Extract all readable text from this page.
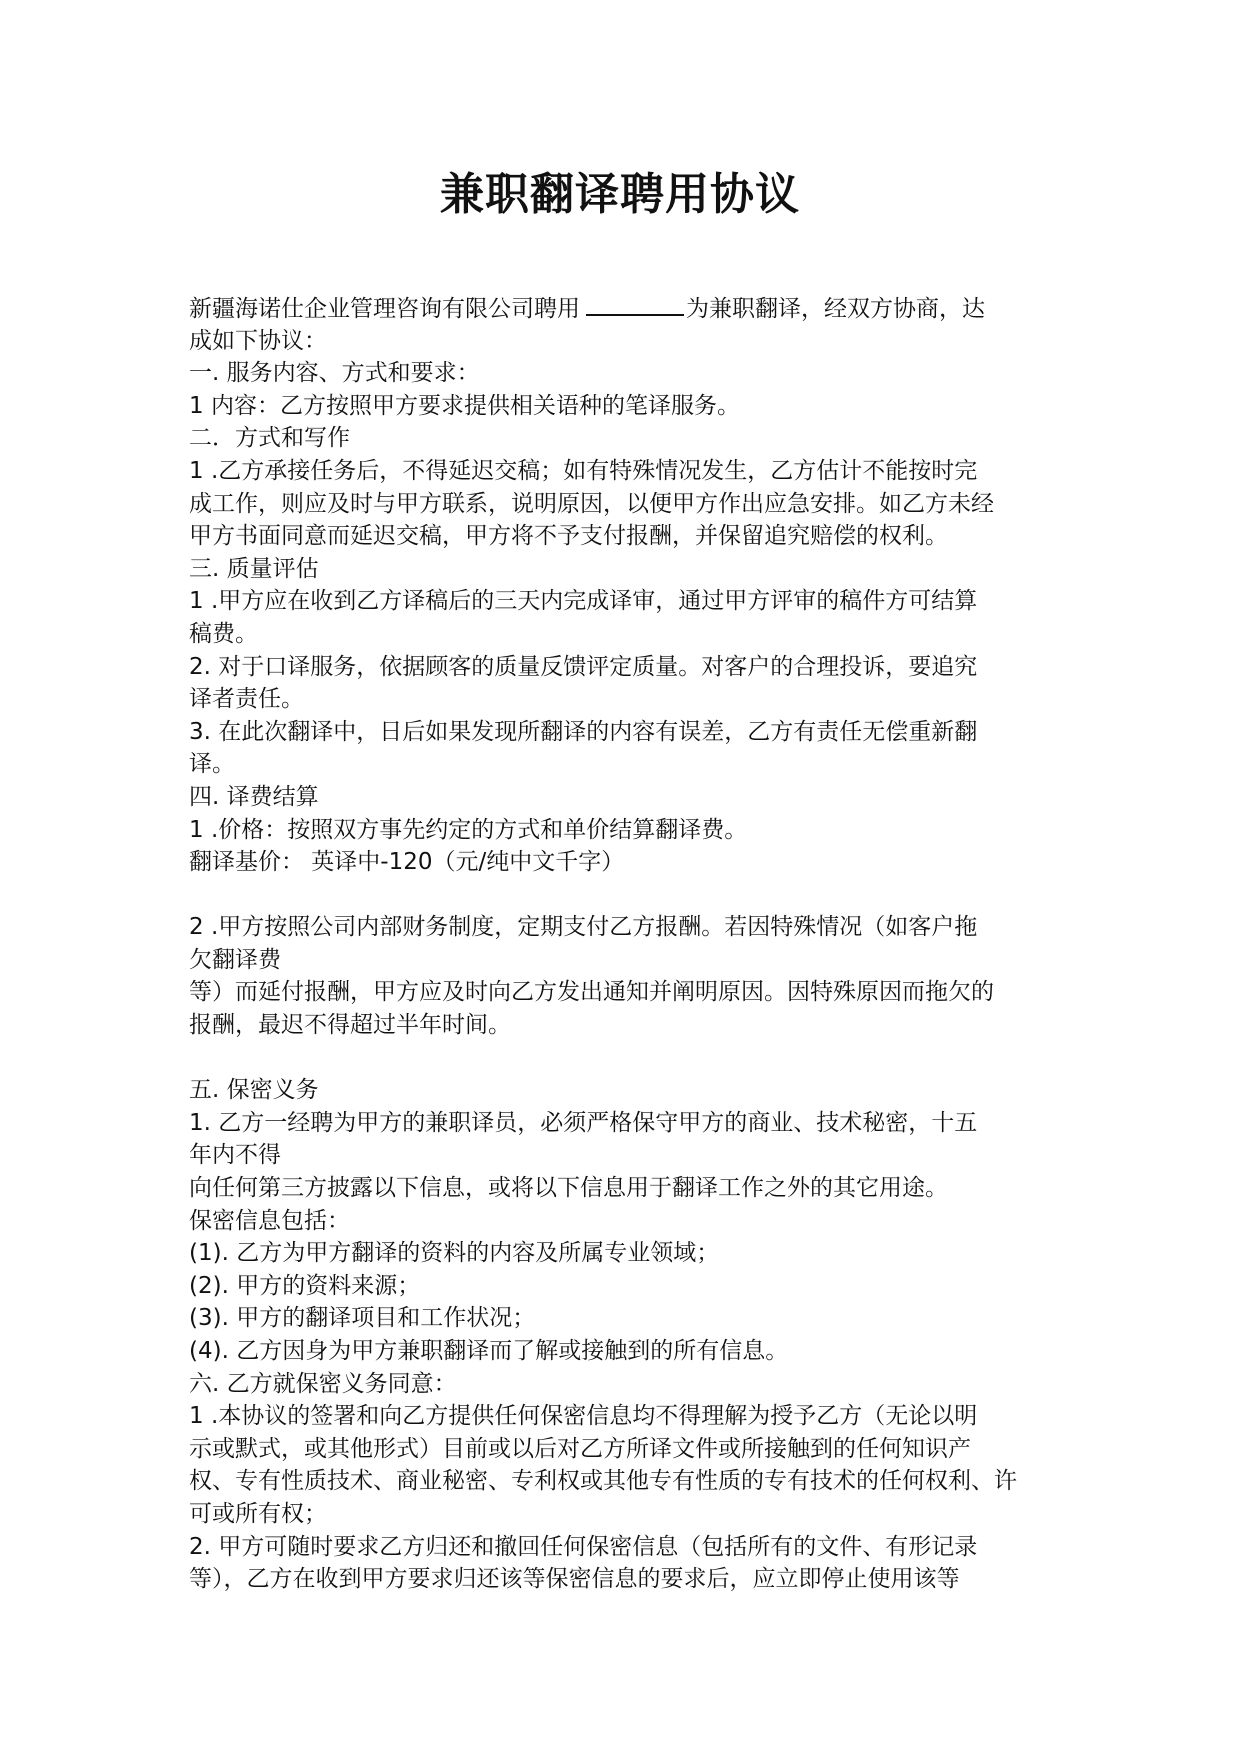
兼职翻译聘用协议
新疆海诺仕企业管理咨询有限公司聘用	为兼职翻译，经双方协商，达
成如下协议：
一. 服务内容、方式和要求：
1 内容：乙方按照甲方要求提供相关语种的笔译服务。
二．方式和写作
1 .乙方承接任务后，不得延迟交稿；如有特殊情况发生，乙方估计不能按时完
成工作，则应及时与甲方联系，说明原因，以便甲方作出应急安排。如乙方未经
甲方书面同意而延迟交稿，甲方将不予支付报酬，并保留追究赔偿的权利。
三. 质量评估
1 .甲方应在收到乙方译稿后的三天内完成译审，通过甲方评审的稿件方可结算
稿费。
2. 对于口译服务，依据顾客的质量反馈评定质量。对客户的合理投诉，要追究
译者责任。
3. 在此次翻译中，日后如果发现所翻译的内容有误差，乙方有责任无偿重新翻
译。
四. 译费结算
1 .价格：按照双方事先约定的方式和单价结算翻译费。
翻译基价： 英译中-120（元/纯中文千字）
2 .甲方按照公司内部财务制度，定期支付乙方报酬。若因特殊情况（如客户拖
欠翻译费
等）而延付报酬，甲方应及时向乙方发出通知并阐明原因。因特殊原因而拖欠的
报酬，最迟不得超过半年时间。
五. 保密义务
1. 乙方一经聘为甲方的兼职译员，必须严格保守甲方的商业、技术秘密，十五
年内不得
向任何第三方披露以下信息，或将以下信息用于翻译工作之外的其它用途。
保密信息包括：
(1). 乙方为甲方翻译的资料的内容及所属专业领域；
(2). 甲方的资料来源；
(3). 甲方的翻译项目和工作状况；
(4). 乙方因身为甲方兼职翻译而了解或接触到的所有信息。
六. 乙方就保密义务同意：
1 .本协议的签署和向乙方提供任何保密信息均不得理解为授予乙方（无论以明
示或默式，或其他形式）目前或以后对乙方所译文件或所接触到的任何知识产
权、专有性质技术、商业秘密、专利权或其他专有性质的专有技术的任何权利、许
可或所有权；
2. 甲方可随时要求乙方归还和撤回任何保密信息（包括所有的文件、有形记录
等），乙方在收到甲方要求归还该等保密信息的要求后，应立即停止使用该等
